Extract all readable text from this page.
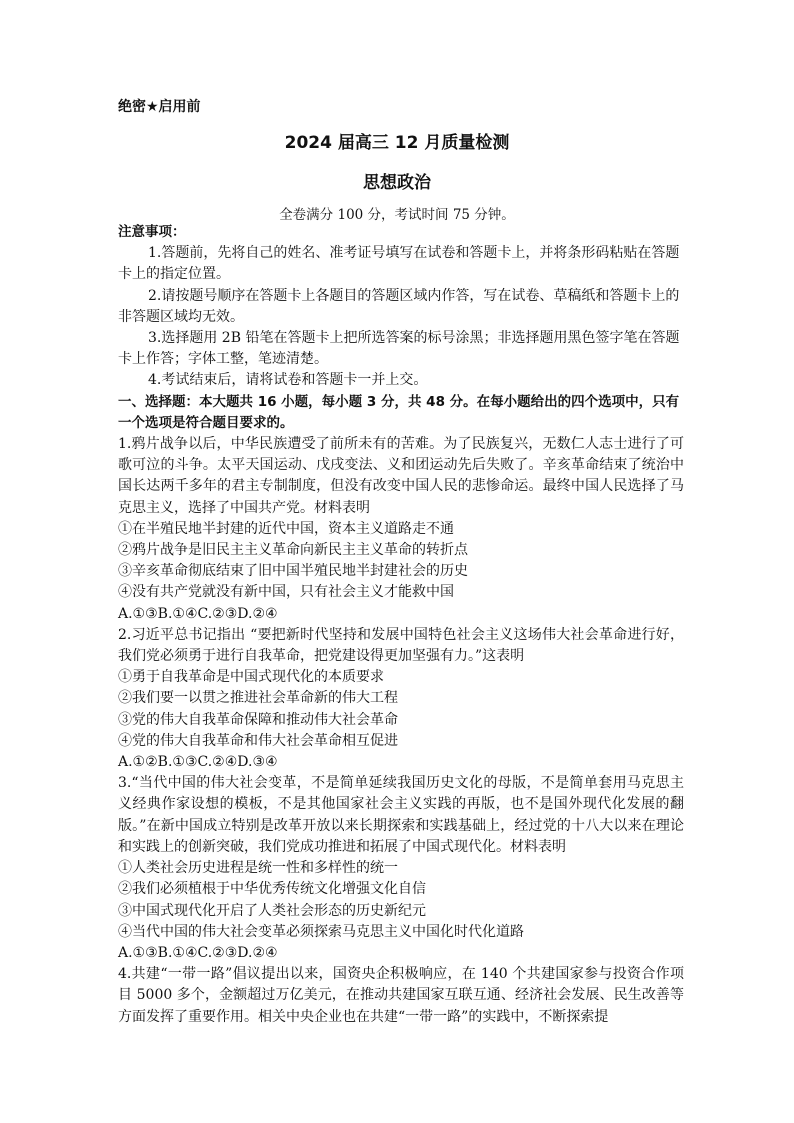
绝密★启用前
2024 届高三 12 月质量检测
思想政治
全卷满分 100 分，考试时间 75 分钟。

注意事项：

1.答题前，先将自己的姓名、准考证号填写在试卷和答题卡上，并将条形码粘贴在答题卡上的指定位置。

2.请按题号顺序在答题卡上各题目的答题区域内作答，写在试卷、草稿纸和答题卡上的非答题区域均无效。

3.选择题用 2B 铅笔在答题卡上把所选答案的标号涂黑；非选择题用黑色签字笔在答题卡上作答；字体工整，笔迹清楚。

4.考试结束后，请将试卷和答题卡一并上交。

一、选择题：本大题共 16 小题，每小题 3 分，共 48 分。在每小题给出的四个选项中，只有一个选项是符合题目要求的。

1.鸦片战争以后，中华民族遭受了前所未有的苦难。为了民族复兴，无数仁人志士进行了可歌可泣的斗争。太平天国运动、戊戌变法、义和团运动先后失败了。辛亥革命结束了统治中国长达两千多年的君主专制制度，但没有改变中国人民的悲惨命运。最终中国人民选择了马克思主义，选择了中国共产党。材料表明

①在半殖民地半封建的近代中国，资本主义道路走不通

②鸦片战争是旧民主主义革命向新民主主义革命的转折点

③辛亥革命彻底结束了旧中国半殖民地半封建社会的历史

④没有共产党就没有新中国，只有社会主义才能救中国

A.①③B.①④C.②③D.②④

2.习近平总书记指出 “要把新时代坚持和发展中国特色社会主义这场伟大社会革命进行好，我们党必须勇于进行自我革命，把党建设得更加坚强有力。”这表明

①勇于自我革命是中国式现代化的本质要求

②我们要一以贯之推进社会革命新的伟大工程

③党的伟大自我革命保障和推动伟大社会革命

④党的伟大自我革命和伟大社会革命相互促进

A.①②B.①③C.②④D.③④

3.“当代中国的伟大社会变革，不是简单延续我国历史文化的母版，不是简单套用马克思主义经典作家设想的模板，不是其他国家社会主义实践的再版，也不是国外现代化发展的翻版。”在新中国成立特别是改革开放以来长期探索和实践基础上，经过党的十八大以来在理论和实践上的创新突破，我们党成功推进和拓展了中国式现代化。材料表明

①人类社会历史进程是统一性和多样性的统一

②我们必须植根于中华优秀传统文化增强文化自信

③中国式现代化开启了人类社会形态的历史新纪元

④当代中国的伟大社会变革必须探索马克思主义中国化时代化道路

A.①③B.①④C.②③D.②④

4.共建“一带一路”倡议提出以来，国资央企积极响应，在 140 个共建国家参与投资合作项目 5000 多个，金额超过万亿美元，在推动共建国家互联互通、经济社会发展、民生改善等方面发挥了重要作用。相关中央企业也在共建“一带一路”的实践中，不断探索提
